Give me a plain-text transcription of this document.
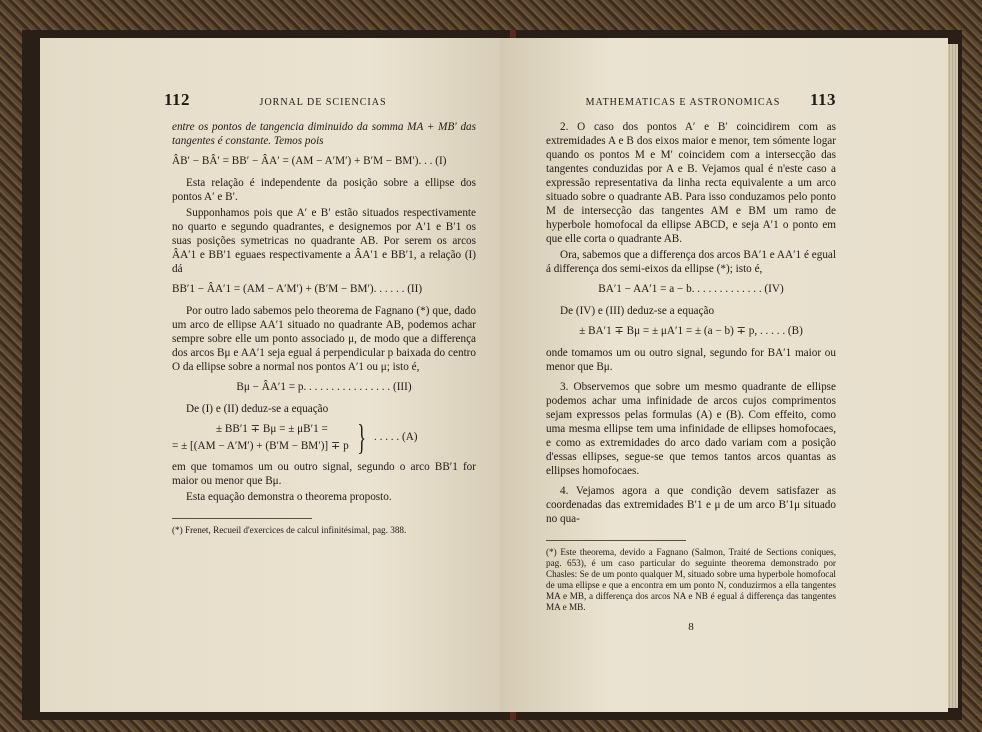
112	JORNAL DE SCIENCIAS

entre os pontos de tangencia diminuido da somma MA + MB′ das tangentes é constante. Temos pois

ÂB′ − BÂ′ = BB′ − ÂA′ = (AM − A′M′) + B′M − BM′). . . (I)

Esta relação é independente da posição sobre a ellipse dos pontos A′ e B′.

Supponhamos pois que A′ e B′ estão situados respectivamente no quarto e segundo quadrantes, e designemos por A′1 e B′1 os suas posições symetricas no quadrante AB. Por serem os arcos ÂA′1 e BB′1 eguaes respectivamente a ÂA′1 e BB′1, a relação (I) dá

BB′1 − ÂA′1 = (AM − A′M′) + (B′M − BM′). . . . . . (II)

Por outro lado sabemos pelo theorema de Fagnano (*) que, dado um arco de ellipse AA′1 situado no quadrante AB, podemos achar sempre sobre elle um ponto associado μ, de modo que a differença dos arcos Bμ e AA′1 seja egual á perpendicular p baixada do centro O da ellipse sobre a normal nos pontos A′1 ou μ; isto é,

Bμ − ÂA′1 = p. . . . . . . . . . . . . . . . (III)

De (I) e (II) deduz-se a equação

± BB′1 ∓ Bμ = ± μB′1 =
= ± [(AM − A′M′) + (B′M − BM′)] ∓ p } . . . . . (A)

em que tomamos um ou outro signal, segundo o arco BB′1 for maior ou menor que Bμ.

Esta equação demonstra o theorema proposto.

(*) Frenet, Recueil d'exercices de calcul infinitésimal, pag. 388.

MATHEMATICAS E ASTRONOMICAS 113

2. O caso dos pontos A′ e B′ coincidirem com as extremidades A e B dos eixos maior e menor, tem sómente logar quando os pontos M e M′ coincidem com a intersecção das tangentes conduzidas por A e B. Vejamos qual é n'este caso a expressão representativa da linha recta equivalente a um arco situado sobre o quadrante AB. Para isso conduzamos pelo ponto M de intersecção das tangentes AM e BM um ramo de hyperbole homofocal da ellipse ABCD, e seja A′1 o ponto em que elle corta o quadrante AB.

Ora, sabemos que a differença dos arcos BA′1 e AA′1 é egual á differença dos semi-eixos da ellipse (*); isto é,

BA′1 − AA′1 = a − b. . . . . . . . . . . . . (IV)

De (IV) e (III) deduz-se a equação

± BA′1 ∓ Bμ = ± μA′1 = ± (a − b) ∓ p, . . . . . (B)

onde tomamos um ou outro signal, segundo for BA′1 maior ou menor que Bμ.

3. Observemos que sobre um mesmo quadrante de ellipse podemos achar uma infinidade de arcos cujos comprimentos sejam expressos pelas formulas (A) e (B). Com effeito, como uma mesma ellipse tem uma infinidade de ellipses homofocaes, e como as extremidades do arco dado variam com a posição d'essas ellipses, segue-se que temos tantos arcos quantas as ellipses homofocaes.

4. Vejamos agora a que condição devem satisfazer as coordenadas das extremidades B′1 e μ de um arco B′1μ situado no qua-

(*) Este theorema, devido a Fagnano (Salmon, Traité de Sections coniques, pag. 653), é um caso particular do seguinte theorema demonstrado por Chasles: Se de um ponto qualquer M, situado sobre uma hyperbole homofocal de uma ellipse e que a encontra em um ponto N, conduzirmos a ella tangentes MA e MB, a differença dos arcos NA e NB é egual á differença das tangentes MA e MB.

8
